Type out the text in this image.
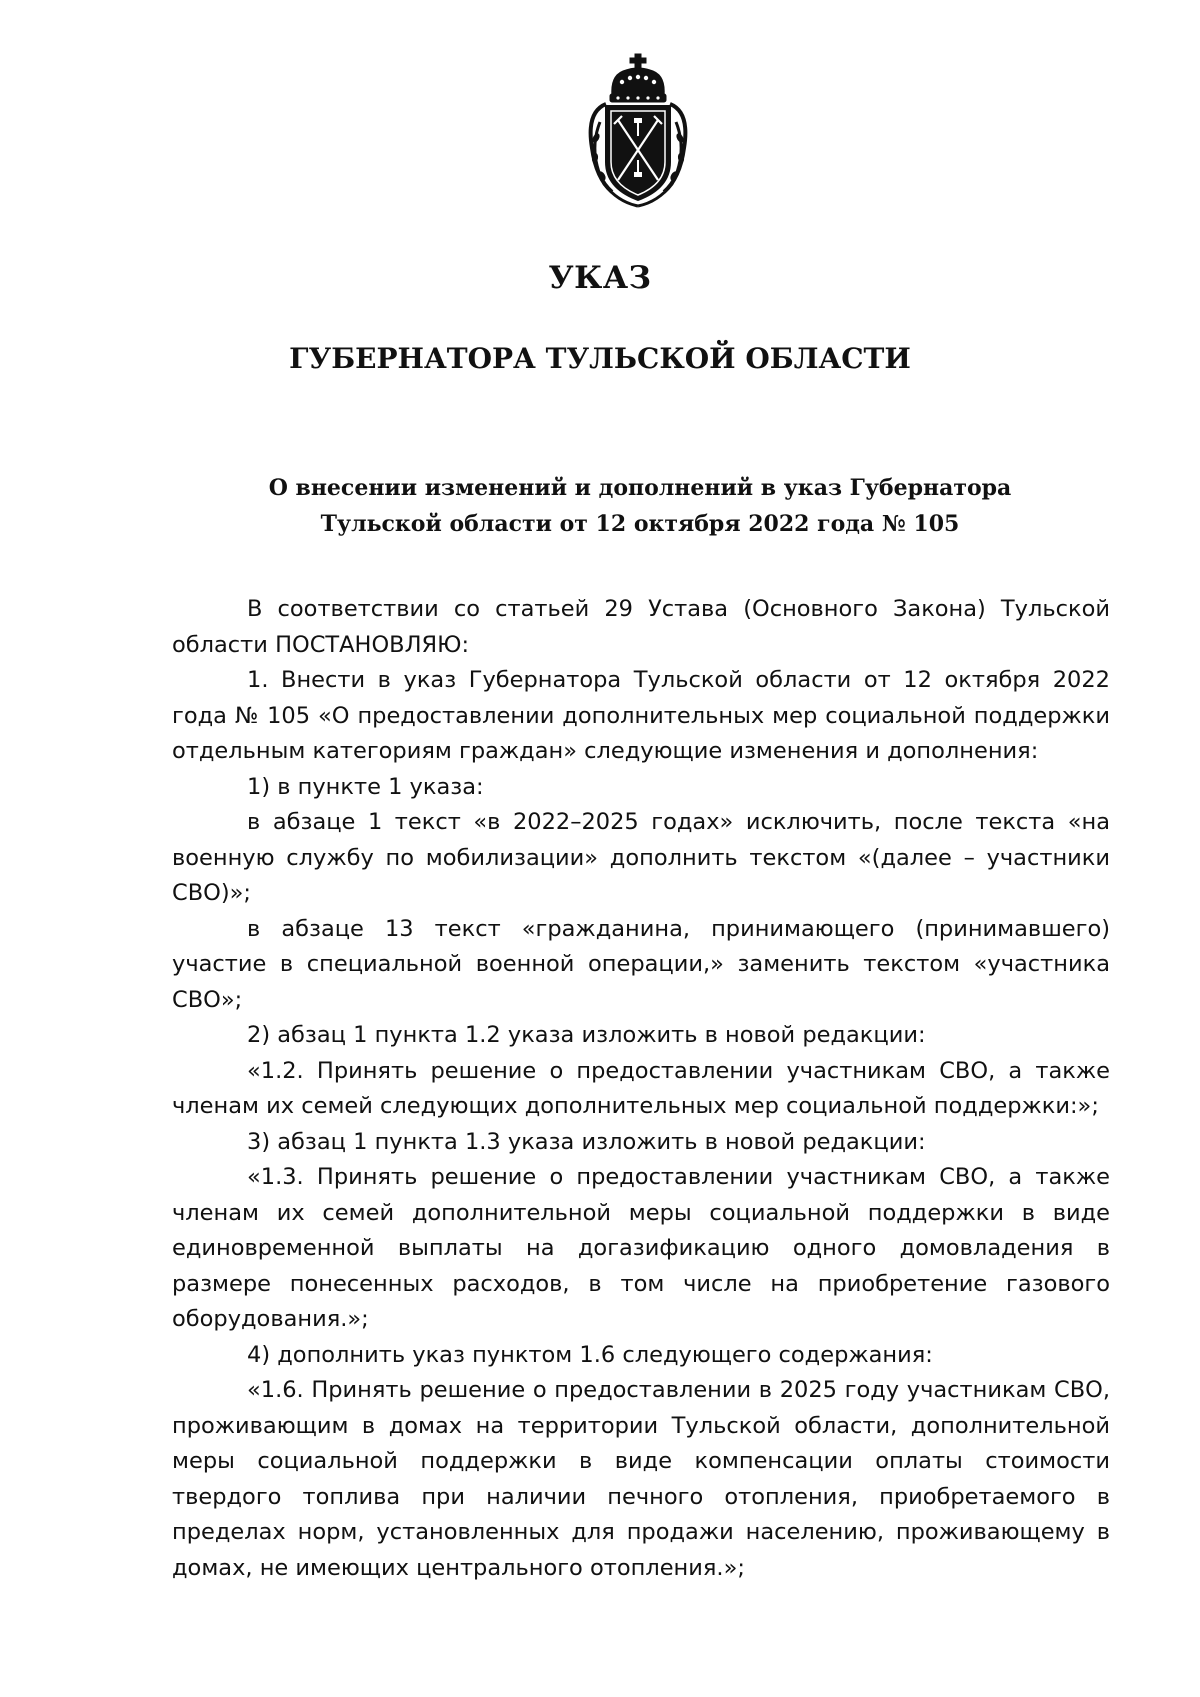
УКАЗ
ГУБЕРНАТОРА ТУЛЬСКОЙ ОБЛАСТИ
О внесении изменений и дополнений в указ Губернатора
Тульской области от 12 октября 2022 года № 105

В соответствии со статьей 29 Устава (Основного Закона) Тульской области ПОСТАНОВЛЯЮ:

1. Внести в указ Губернатора Тульской области от 12 октября 2022 года № 105 «О предоставлении дополнительных мер социальной поддержки отдельным категориям граждан» следующие изменения и дополнения:

1) в пункте 1 указа:

в абзаце 1 текст «в 2022–2025 годах» исключить, после текста «на военную службу по мобилизации» дополнить текстом «(далее – участники СВО)»;

в абзаце 13 текст «гражданина, принимающего (принимавшего) участие в специальной военной операции,» заменить текстом «участника СВО»;

2) абзац 1 пункта 1.2 указа изложить в новой редакции:

«1.2. Принять решение о предоставлении участникам СВО, а также членам их семей следующих дополнительных мер социальной поддержки:»;

3) абзац 1 пункта 1.3 указа изложить в новой редакции:

«1.3. Принять решение о предоставлении участникам СВО, а также членам их семей дополнительной меры социальной поддержки в виде единовременной выплаты на догазификацию одного домовладения в размере понесенных расходов, в том числе на приобретение газового оборудования.»;

4) дополнить указ пунктом 1.6 следующего содержания:

«1.6. Принять решение о предоставлении в 2025 году участникам СВО, проживающим в домах на территории Тульской области, дополнительной меры социальной поддержки в виде компенсации оплаты стоимости твердого топлива при наличии печного отопления, приобретаемого в пределах норм, установленных для продажи населению, проживающему в домах, не имеющих центрального отопления.»;
